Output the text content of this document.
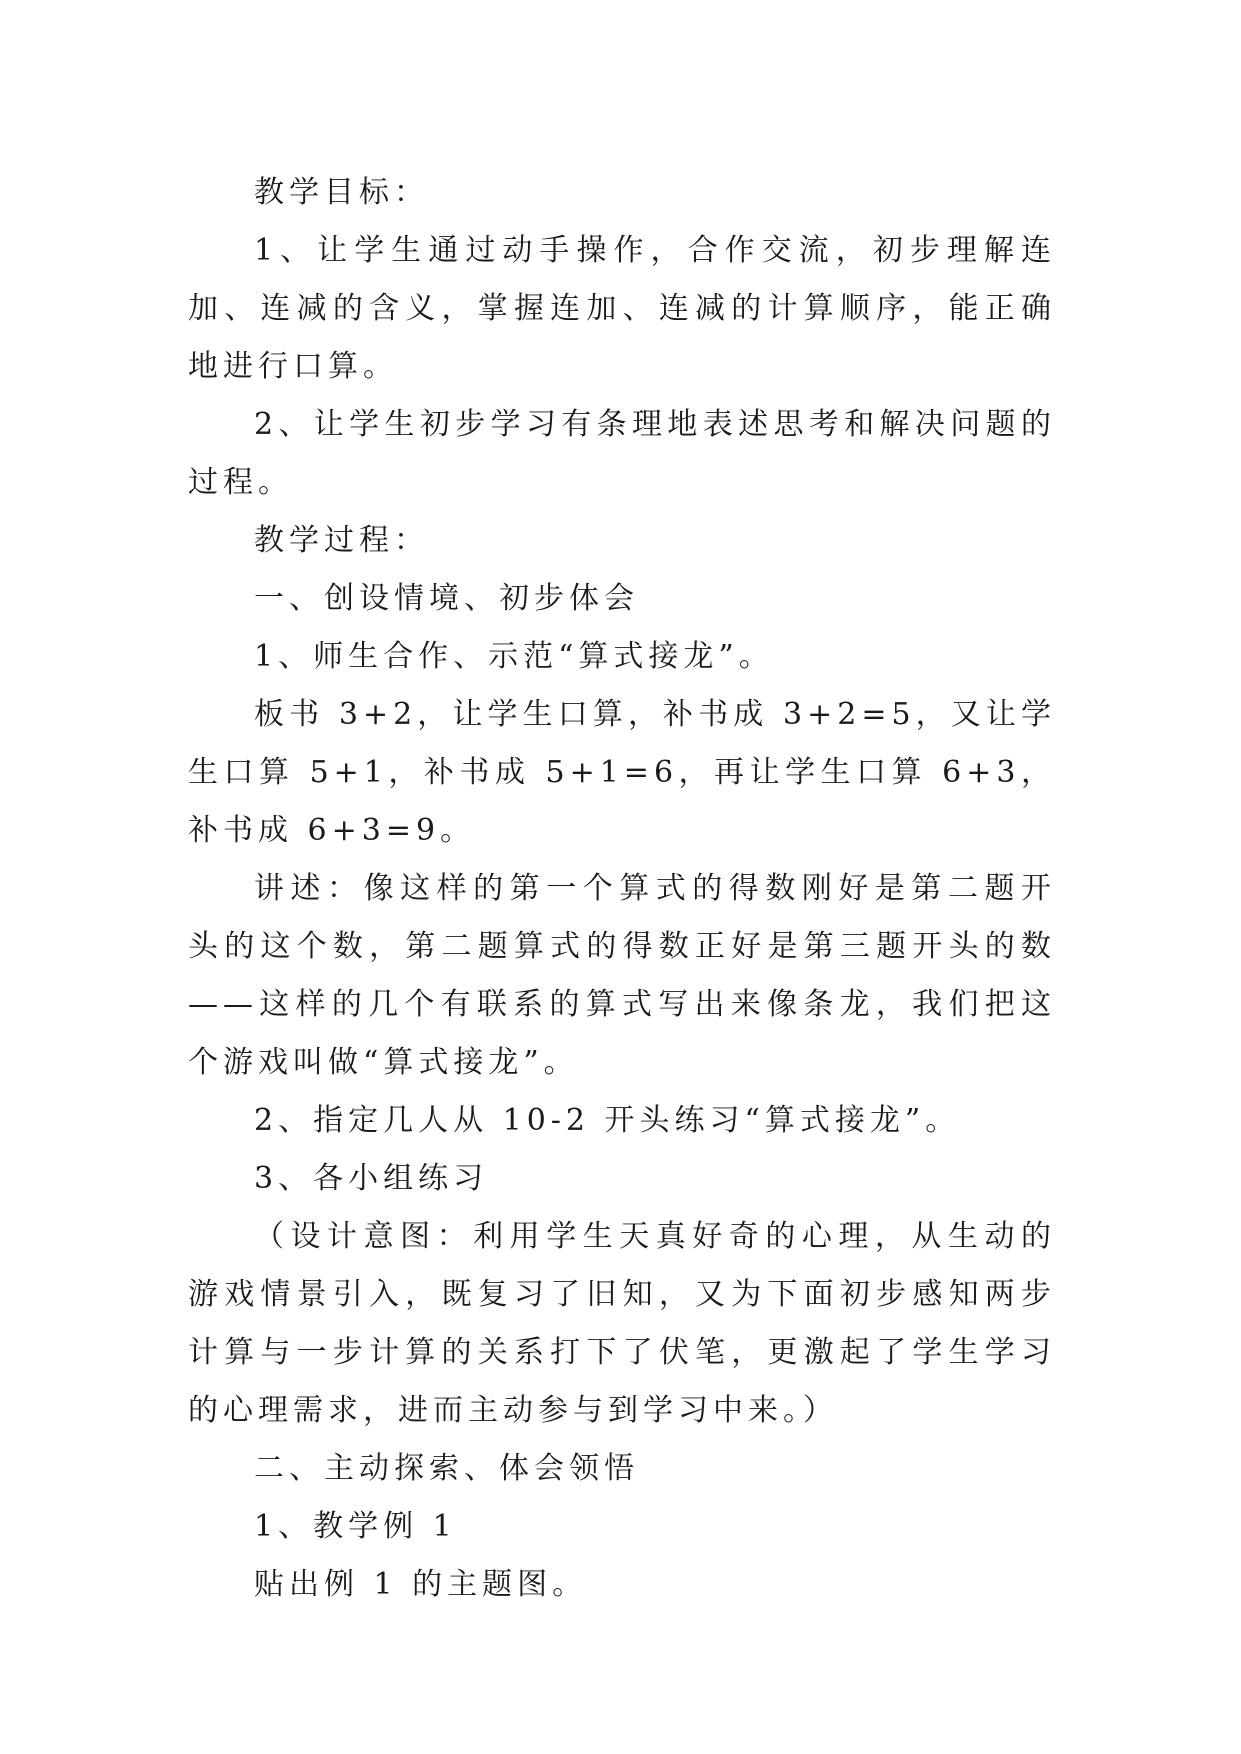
教学目标：

1、让学生通过动手操作，合作交流，初步理解连加、连减的含义，掌握连加、连减的计算顺序，能正确地进行口算。

2、让学生初步学习有条理地表述思考和解决问题的过程。

教学过程：

一、创设情境、初步体会

1、师生合作、示范“算式接龙”。

板书 3+2，让学生口算，补书成 3+2=5，又让学生口算 5+1，补书成 5+1=6，再让学生口算 6+3，补书成 6+3=9。

讲述：像这样的第一个算式的得数刚好是第二题开头的这个数，第二题算式的得数正好是第三题开头的数——这样的几个有联系的算式写出来像条龙，我们把这个游戏叫做“算式接龙”。

2、指定几人从 10-2 开头练习“算式接龙”。

3、各小组练习

（设计意图：利用学生天真好奇的心理，从生动的游戏情景引入，既复习了旧知，又为下面初步感知两步计算与一步计算的关系打下了伏笔，更激起了学生学习的心理需求，进而主动参与到学习中来。）

二、主动探索、体会领悟

1、教学例 1

贴出例 1 的主题图。
